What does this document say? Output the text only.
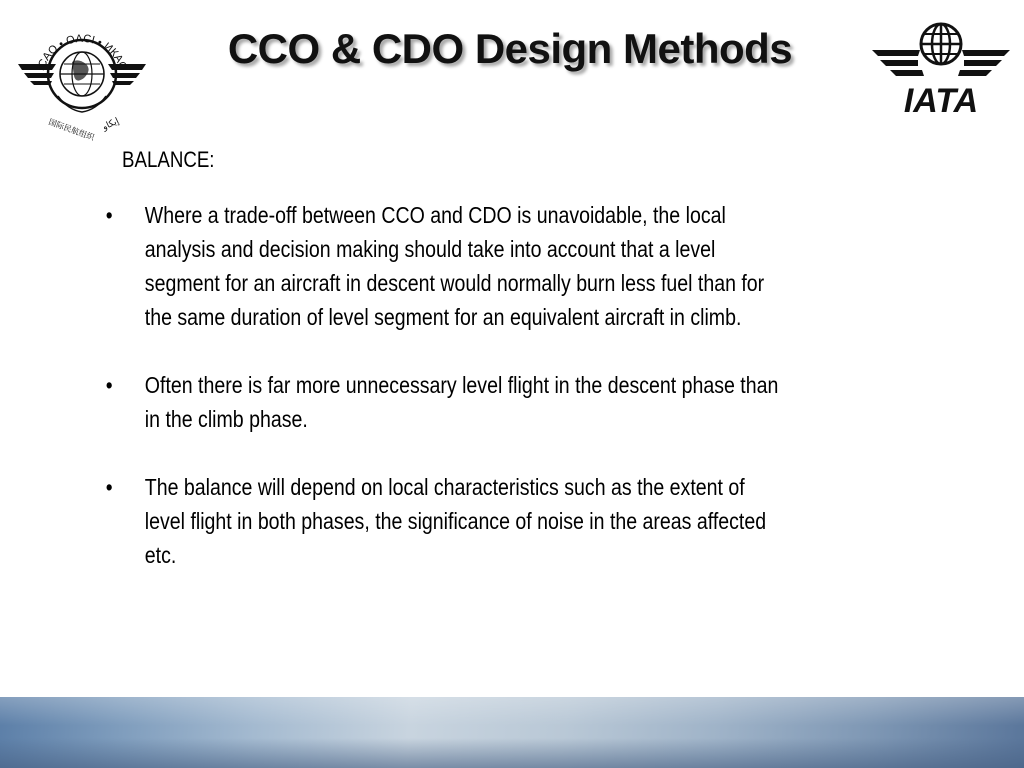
ICAO • OACI • ИКАО
国际民航组织 إيكاو
CCO & CDO Design Methods
IATA
BALANCE:
• Where a trade-off between CCO and CDO is unavoidable, the local
analysis and decision making should take into account that a level
segment for an aircraft in descent would normally burn less fuel than for
the same duration of level segment for an equivalent aircraft in climb.
• Often there is far more unnecessary level flight in the descent phase than
in the climb phase.
• The balance will depend on local characteristics such as the extent of
level flight in both phases, the significance of noise in the areas affected
etc.
